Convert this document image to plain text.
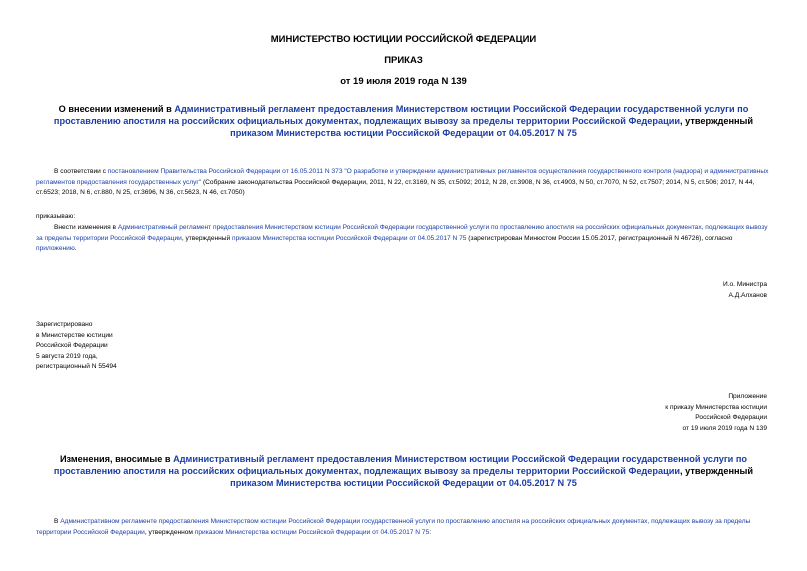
МИНИСТЕРСТВО ЮСТИЦИИ РОССИЙСКОЙ ФЕДЕРАЦИИ
ПРИКАЗ
от 19 июля 2019 года N 139
О внесении изменений в Административный регламент предоставления Министерством юстиции Российской Федерации государственной услуги по проставлению апостиля на российских официальных документах, подлежащих вывозу за пределы территории Российской Федерации, утвержденный приказом Министерства юстиции Российской Федерации от 04.05.2017 N 75
В соответствии с постановлением Правительства Российской Федерации от 16.05.2011 N 373 "О разработке и утверждении административных регламентов осуществления государственного контроля (надзора) и административных регламентов предоставления государственных услуг" (Собрание законодательства Российской Федерации, 2011, N 22, ст.3169, N 35, ст.5092; 2012, N 28, ст.3908, N 36, ст.4903, N 50, ст.7070, N 52, ст.7507; 2014, N 5, ст.506; 2017, N 44, ст.6523; 2018, N 6, ст.880, N 25, ст.3696, N 36, ст.5623, N 46, ст.7050)
приказываю:
Внести изменения в Административный регламент предоставления Министерством юстиции Российской Федерации государственной услуги по проставлению апостиля на российских официальных документах, подлежащих вывозу за пределы территории Российской Федерации, утвержденный приказом Министерства юстиции Российской Федерации от 04.05.2017 N 75 (зарегистрирован Минюстом России 15.05.2017, регистрационный N 46726), согласно приложению.
И.о. Министра
А.Д.Алханов
Зарегистрировано
в Министерстве юстиции
Российской Федерации
5 августа 2019 года,
регистрационный N 55494
Приложение
к приказу Министерства юстиции
Российской Федерации
от 19 июля 2019 года N 139
Изменения, вносимые в Административный регламент предоставления Министерством юстиции Российской Федерации государственной услуги по проставлению апостиля на российских официальных документах, подлежащих вывозу за пределы территории Российской Федерации, утвержденный приказом Министерства юстиции Российской Федерации от 04.05.2017 N 75
В Административном регламенте предоставления Министерством юстиции Российской Федерации государственной услуги по проставлению апостиля на российских официальных документах, подлежащих вывозу за пределы территории Российской Федерации, утвержденном приказом Министерства юстиции Российской Федерации от 04.05.2017 N 75:
